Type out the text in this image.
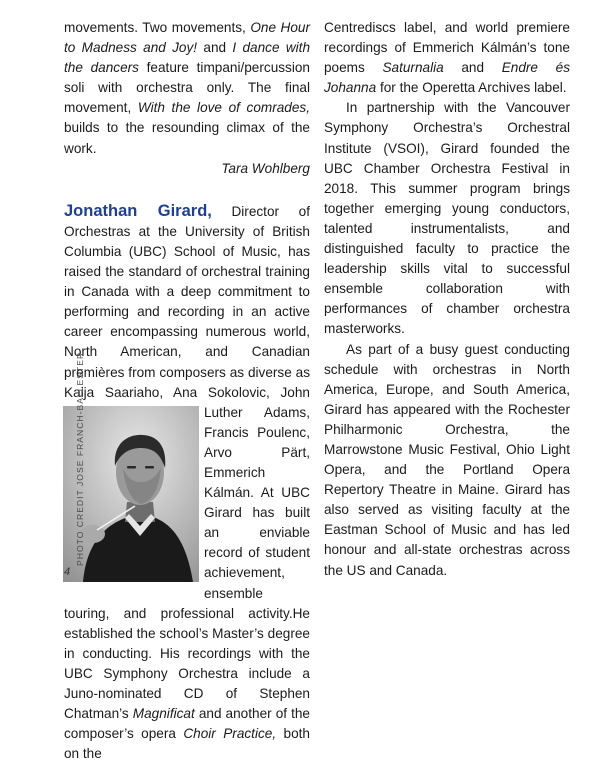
movements. Two movements, One Hour to Madness and Joy! and I dance with the dancers feature timpani/percussion soli with orchestra only. The final movement, With the love of comrades, builds to the resounding climax of the work.

Tara Wohlberg

Jonathan Girard, Director of Orchestras at the University of British Columbia (UBC) School of Music, has raised the standard of orchestral training in Canada with a deep commitment to performing and recording in an active career encompassing numerous world, North American, and Canadian premières from composers as diverse as Kaija Saariaho, Ana Sokolovic, John Luther Adams, Francis Poulenc, Arvo Pärt, Emmerich Kálmán. At UBC Girard has built an enviable record of student achievement, ensemble touring, and professional activity.He established the school’s Master’s degree in conducting. His recordings with the UBC Symphony Orchestra include a Juno-nominated CD of Stephen Chatman’s Magnificat and another of the composer’s opera Choir Practice, both on the

Centrediscs label, and world premiere recordings of Emmerich Kálmán’s tone poems Saturnalia and Endre és Johanna for the Operetta Archives label.

In partnership with the Vancouver Symphony Orchestra’s Orchestral Institute (VSOI), Girard founded the UBC Chamber Orchestra Festival in 2018. This summer program brings together emerging young conductors, talented instrumentalists, and distinguished faculty to practice the leadership skills vital to successful ensemble collaboration with performances of chamber orchestra masterworks.

As part of a busy guest conducting schedule with orchestras in North America, Europe, and South America, Girard has appeared with the Rochester Philharmonic Orchestra, the Marrowstone Music Festival, Ohio Light Opera, and the Portland Opera Repertory Theatre in Maine. Girard has also served as visiting faculty at the Eastman School of Music and has led honour and all-state orchestras across the US and Canada.

PHOTO CREDIT JOSE FRANCH-BALLESTER
4
